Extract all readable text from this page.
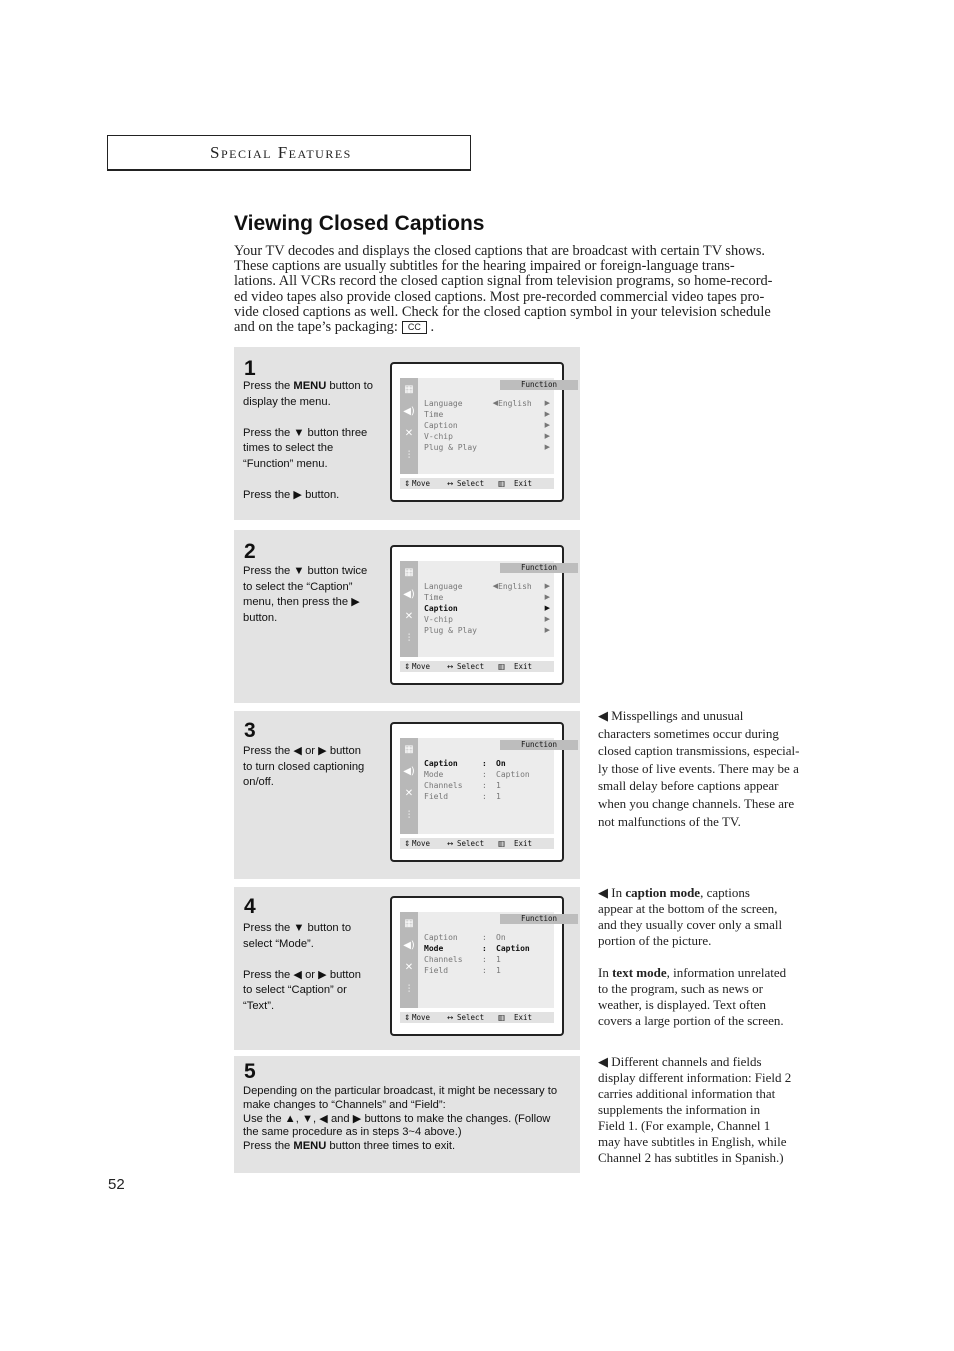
Special Features
Viewing Closed Captions
Your TV decodes and displays the closed captions that are broadcast with certain TV shows.
These captions are usually subtitles for the hearing impaired or foreign-language trans-
lations. All VCRs record the closed caption signal from television programs, so home-record-
ed video tapes also provide closed captions. Most pre-recorded commercial video tapes pro-
vide closed captions as well. Check for the closed caption symbol in your television schedule
and on the tape’s packaging: CC .
1
Press the MENU button to
display the menu.

Press the ▼ button three
times to select the
“Function” menu.

Press the ▶ button.
▦
◀)
✕
⫶
Function
Language	◀ English ▶
Time	▶
Caption	▶
V-chip	▶
Plug & Play	▶
⇕ Move ↔ Select ▥ Exit
2
Press the ▼ button twice
to select the “Caption”
menu, then press the ▶
button.
▦
◀)
✕
⫶
Function
Language	◀ English ▶
Time	▶
Caption	▶
V-chip	▶
Plug & Play	▶
⇕ Move ↔ Select ▥ Exit
3
Press the ◀ or ▶ button
to turn closed captioning
on/off.
▦
◀)
✕
⫶
Function
Caption	: On
Mode	: Caption
Channels : 1
Field	: 1
⇕ Move ↔ Select ▥ Exit
4
Press the ▼ button to
select “Mode”.

Press the ◀ or ▶ button
to select “Caption” or
“Text”.
▦
◀)
✕
⫶
Function
Caption	: On
Mode	: Caption
Channels : 1
Field	: 1
⇕ Move ↔ Select ▥ Exit
5
Depending on the particular broadcast, it might be necessary to
make changes to “Channels” and “Field”:
Use the ▲, ▼, ◀ and ▶ buttons to make the changes. (Follow
the same procedure as in steps 3~4 above.)
Press the MENU button three times to exit.
◀ Misspellings and unusual
characters sometimes occur during
closed caption transmissions, especial-
ly those of live events. There may be a
small delay before captions appear
when you change channels. These are
not malfunctions of the TV.
◀ In caption mode, captions
appear at the bottom of the screen,
and they usually cover only a small
portion of the picture.

In text mode, information unrelated
to the program, such as news or
weather, is displayed. Text often
covers a large portion of the screen.
◀ Different channels and fields
display different information: Field 2
carries additional information that
supplements the information in
Field 1. (For example, Channel 1
may have subtitles in English, while
Channel 2 has subtitles in Spanish.)
52
